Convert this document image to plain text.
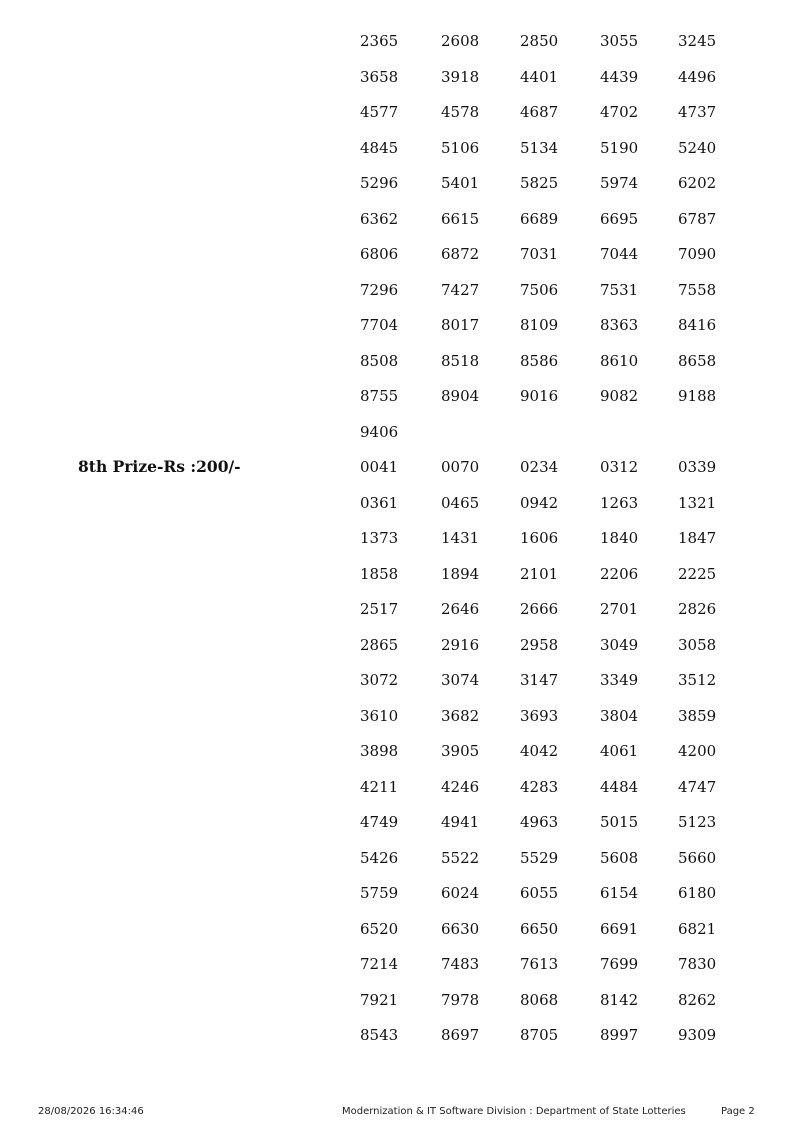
2365	2608	2850	3055	3245
3658	3918	4401	4439	4496
4577	4578	4687	4702	4737
4845	5106	5134	5190	5240
5296	5401	5825	5974	6202
6362	6615	6689	6695	6787
6806	6872	7031	7044	7090
7296	7427	7506	7531	7558
7704	8017	8109	8363	8416
8508	8518	8586	8610	8658
8755	8904	9016	9082	9188
9406
8th Prize-Rs :200/-	0041	0070	0234	0312	0339
0361	0465	0942	1263	1321
1373	1431	1606	1840	1847
1858	1894	2101	2206	2225
2517	2646	2666	2701	2826
2865	2916	2958	3049	3058
3072	3074	3147	3349	3512
3610	3682	3693	3804	3859
3898	3905	4042	4061	4200
4211	4246	4283	4484	4747
4749	4941	4963	5015	5123
5426	5522	5529	5608	5660
5759	6024	6055	6154	6180
6520	6630	6650	6691	6821
7214	7483	7613	7699	7830
7921	7978	8068	8142	8262
8543	8697	8705	8997	9309
28/08/2026 16:34:46	Modernization & IT Software Division : Department of State Lotteries	Page 2
